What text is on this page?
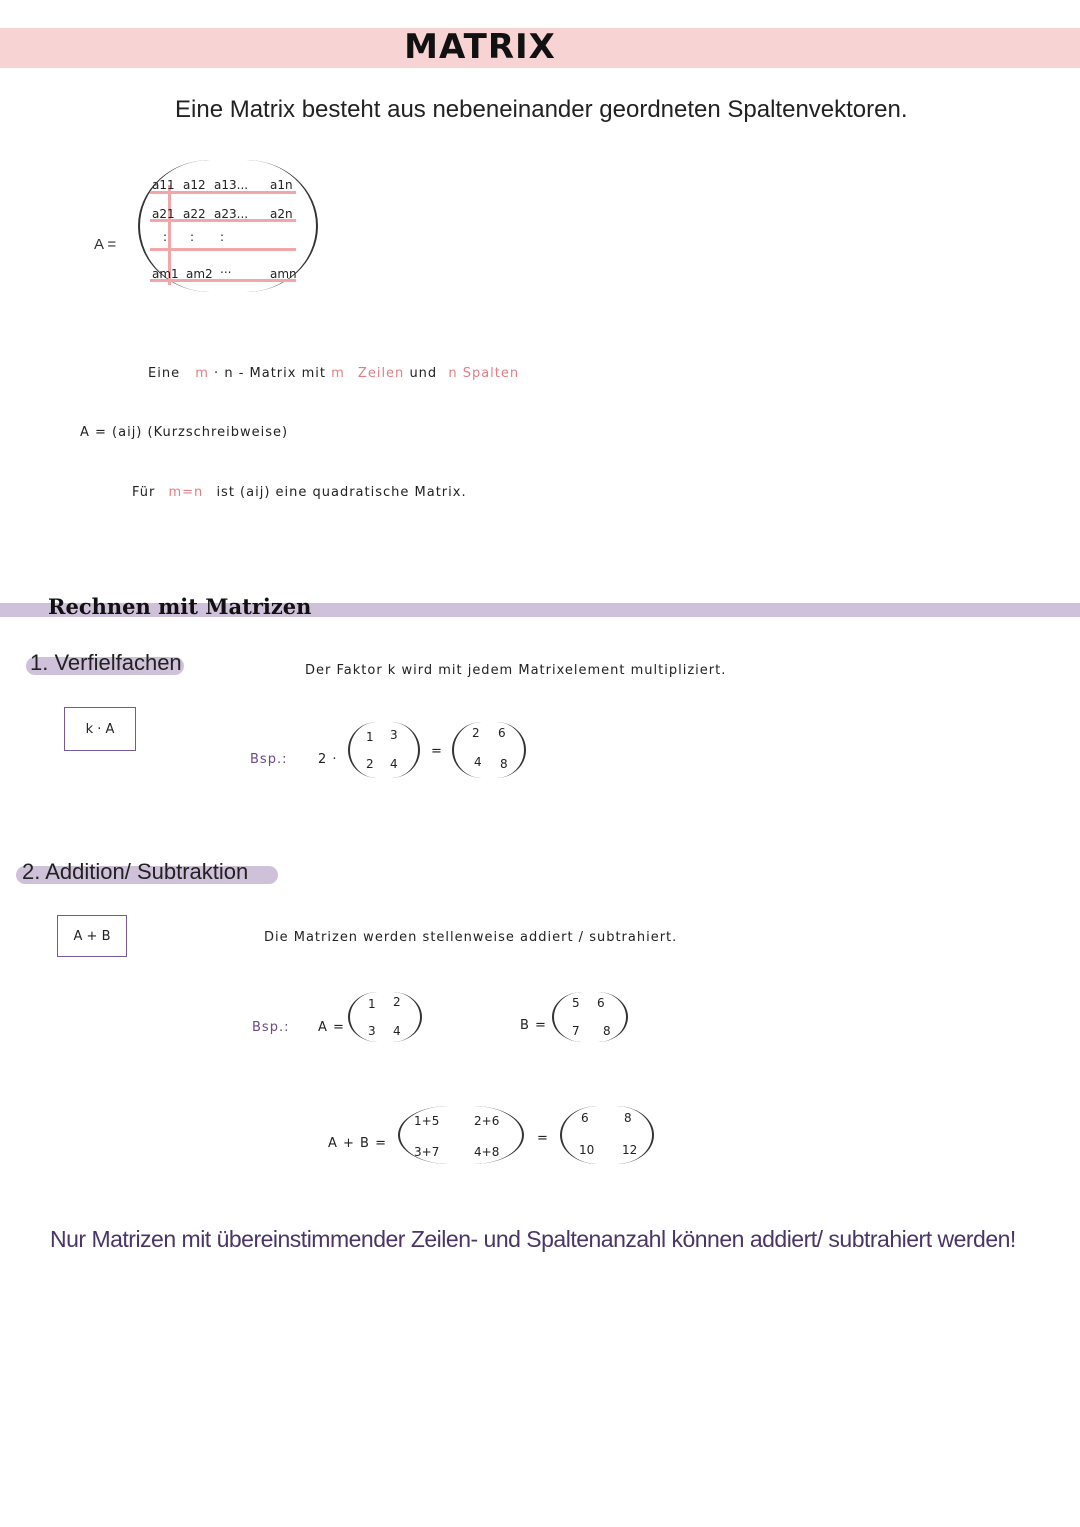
MATRIX
Eine Matrix besteht aus nebeneinander geordneten Spaltenvektoren.
A =
a11 a12 a13... a1n
a21 a22 a23... a2n
: : :
am1 am2 ...	amn
Eine m · n - Matrix mit m Zeilen und n Spalten
A = (aij) (Kurzschreibweise)
Für m=n ist (aij) eine quadratische Matrix.
Rechnen mit Matrizen
1. Verfielfachen	Der Faktor k wird mit jedem Matrixelement multipliziert.
k · A
Bsp.: 2 ·
1 3
2 4
=
2 6
4 8
2. Addition/ Subtraktion
A + B	Die Matrizen werden stellenweise addiert / subtrahiert.
Bsp.: A =
1 2
3 4	B =
5 6
7 8
A + B =
1+5	2+6
3+7	4+8
=
6	8
10 12
Nur Matrizen mit übereinstimmender Zeilen- und Spaltenanzahl können addiert/ subtrahiert werden!
